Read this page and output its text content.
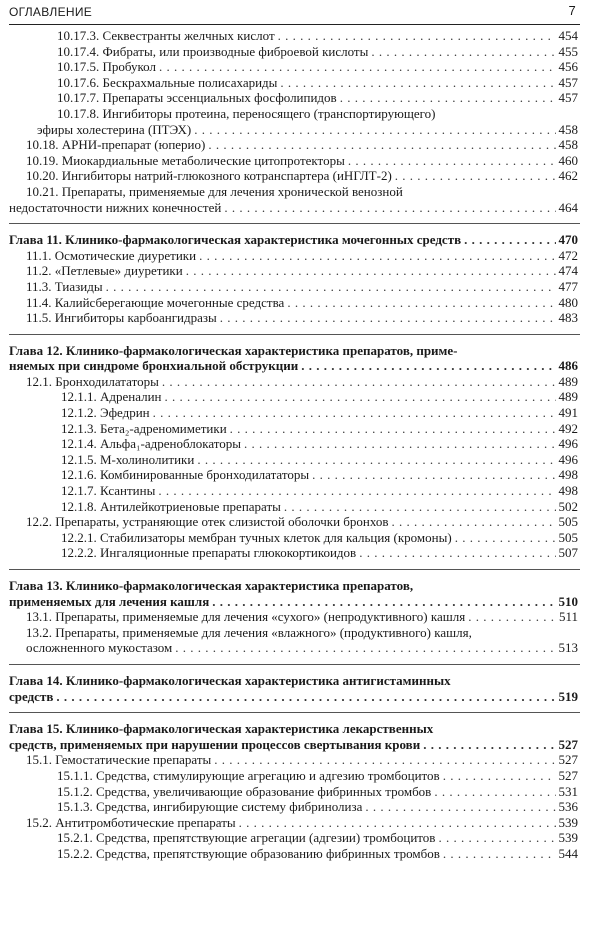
ОГЛАВЛЕНИЕ	7
10.17.3. Секвестранты желчных кислот . . .	454
10.17.4. Фибраты, или производные фиброевой кислоты . . .	455
10.17.5. Пробукол . . .	456
10.17.6. Бескрахмальные полисахариды . . .	457
10.17.7. Препараты эссенциальных фосфолипидов . . .	457
10.17.8. Ингибиторы протеина, переносящего (транспортирующего)
эфиры холестерина (ПТЭХ) . . .	458
10.18. АРНИ-препарат (юперио) . . .	458
10.19. Миокардиальные метаболические цитопротекторы . . .	460
10.20. Ингибиторы натрий-глюкозного котранспартера (иНГЛТ-2) . . .	462
10.21. Препараты, применяемые для лечения хронической венозной
недостаточности нижних конечностей . . .	464
Глава 11. Клинико-фармакологическая характеристика мочегонных средств . . .	470
11.1. Осмотические диуретики . . .	472
11.2. «Петлевые» диуретики . . .	474
11.3. Тиазиды . . .	477
11.4. Калийсберегающие мочегонные средства . . .	480
11.5. Ингибиторы карбоангидразы . . .	483
Глава 12. Клинико-фармакологическая характеристика препаратов, приме-
няемых при синдроме бронхиальной обструкции . . .	486
12.1. Бронходилататоры . . .	489
12.1.1. Адреналин . . .	489
12.1.2. Эфедрин . . .	491
12.1.3. Бета₂-адреномиметики . . .	492
12.1.4. Альфа₁-адреноблокаторы . . .	496
12.1.5. М-холинолитики . . .	496
12.1.6. Комбинированные бронходилататоры . . .	498
12.1.7. Ксантины . . .	498
12.1.8. Антилейкотриеновые препараты . . .	502
12.2. Препараты, устраняющие отек слизистой оболочки бронхов . . .	505
12.2.1. Стабилизаторы мембран тучных клеток для кальция (кромоны) . . .	505
12.2.2. Ингаляционные препараты глюкокортикоидов . . .	507
Глава 13. Клинико-фармакологическая характеристика препаратов,
применяемых для лечения кашля . . .	510
13.1. Препараты, применяемые для лечения «сухого» (непродуктивного) кашля . . .	511
13.2. Препараты, применяемые для лечения «влажного» (продуктивного) кашля,
осложненного мукостазом . . .	513
Глава 14. Клинико-фармакологическая характеристика антигистаминных
средств . . .	519
Глава 15. Клинико-фармакологическая характеристика лекарственных
средств, применяемых при нарушении процессов свертывания крови . . .	527
15.1. Гемостатические препараты . . .	527
15.1.1. Средства, стимулирующие агрегацию и адгезию тромбоцитов . . .	527
15.1.2. Средства, увеличивающие образование фибринных тромбов . . .	531
15.1.3. Средства, ингибирующие систему фибринолиза . . .	536
15.2. Антитромботические препараты . . .	539
15.2.1. Средства, препятствующие агрегации (адгезии) тромбоцитов . . .	539
15.2.2. Средства, препятствующие образованию фибринных тромбов . . .	544
